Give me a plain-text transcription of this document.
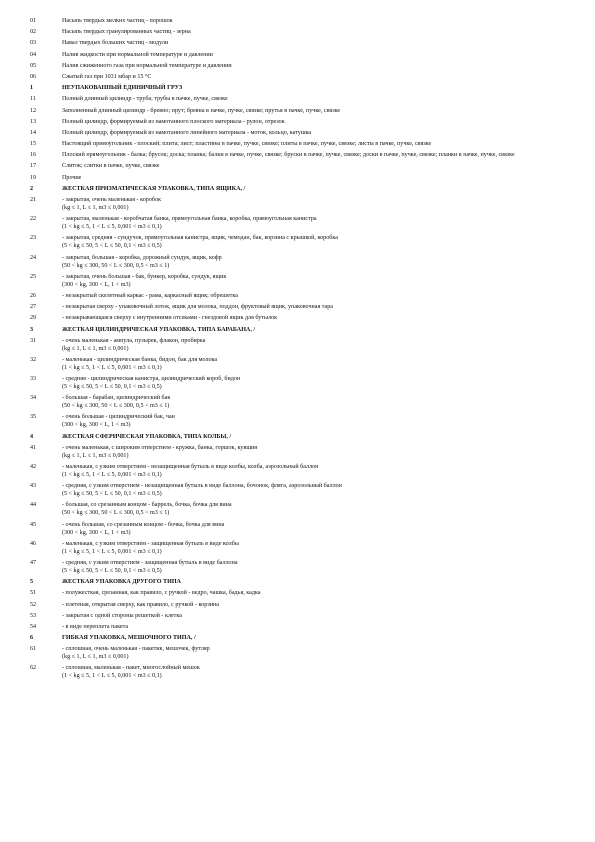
01	Насыпь твердых мелких частиц - порошок
02	Насыпь твердых гранулированных частиц - зерна
03	Навал твердых больших частиц - модули
04	Налив жидкости при нормальной температуре и давлении
05	Налив сжиженного газа при нормальной температуре и давлении
06	Сжатый газ при 1031 мбар и 15 °С
1	НЕУПАКОВАННЫЙ ЕДИНИЧНЫЙ ГРУЗ
11	Полный длинный цилиндр - труба; трубы в пачке, пучке, связке
12	Заполненный длинный цилиндр - бревно; прут; бревна в пачке, пучке, связке; прутья в пачке, пучке, связке
13	Полный цилиндр, формируемый из намотанного плоского материала - рулон, отрезок
14	Полный цилиндр, формируемый из намотанного линейного материала - моток, кольцо, катушка
15	Настоящий прямоугольник - плоский; плита; лист; пластины в пачке, пучке, связке; плиты в пачке, пучке, связке; листы в пачке, пучке, связке
16	Плоский прямоугольник - балка; брусок; доска; планка; балки в пачке, пучке, связке; бруски в пачке, пучке, связке; доски в пачке, пучке, связке; планки в пачке, пучке, связке
17	Слиток; слитки в пачке, пучке, связке
19	Прочие
2	ЖЕСТКАЯ ПРИЗМАТИЧЕСКАЯ УПАКОВКА, ТИПА ЯЩИКА, /
21	- закрытая, очень маленькая - коробок
(kg ≤ 1, L ≤ 1, m3 ≤ 0,001)
22	- закрытая, маленькая - коробчатая банка, прямоугольная банка, коробка, прямоугольная канистра
(1 < kg ≤ 5, 1 < L ≤ 5, 0,001 < m3 ≤ 0,1)
23	- закрытая, средняя - сундучок, прямоугольная канистра, ящик, чемодан, бак, корзина с крышкой, коробка
(5 < kg ≤ 50, 5 < L ≤ 50, 0,1 < m3 ≤ 0,5)
24	- закрытая, большая - коробка, дорожный сундук, ящик, кофр
(50 < kg ≤ 300, 50 < L ≤ 300, 0,5 < m3 ≤ 1)
25	- закрытая, очень большая - бак, бункер, коробка, сундук, ящик
(300 < kg, 300 < L, 1 < m3)
26	- незакрытый скелетный каркас - рама, каркасный ящик; обрешетка
27	- незакрытая сверху - упаковочный лоток, ящик для молока, поддон, фруктовый ящик, упаковочная тара
29	- незакрывающаяся сверху с внутренними отсеками - гнездовой ящик для бутылок
3	ЖЕСТКАЯ ЦИЛИНДРИЧЕСКАЯ УПАКОВКА, ТИПА БАРАБАНА, /
31	- очень маленькая - ампула, пузырек, флакон, пробирка
(kg ≤ 1, L ≤ 1, m3 ≤ 0,001)
32	- маленькая - цилиндрическая банка, бидон, бак для молока
(1 < kg ≤ 5, 1 < L ≤ 5, 0,001 < m3 ≤ 0,1)
33	- средняя - цилиндрическая канистра, цилиндрический короб, бидон
(5 < kg ≤ 50, 5 < L ≤ 50, 0,1 < m3 ≤ 0,5)
34	- большая - барабан, цилиндрический бак
(50 < kg ≤ 300, 50 < L ≤ 300, 0,5 < m3 ≤ 1)
35	- очень большая - цилиндрический бак, чан
(300 < kg, 300 < L, 1 < m3)
4	ЖЕСТКАЯ СФЕРИЧЕСКАЯ УПАКОВКА, ТИПА КОЛБЫ, /
41	- очень маленькая, с широким отверстием - кружка, банка, горшок, кувшин
(kg ≤ 1, L ≤ 1, m3 ≤ 0,001)
42	- маленькая, с узким отверстием - незащищенная бутыль в виде колбы, колба, аэрозольный баллон
(1 < kg ≤ 5, 1 < L ≤ 5, 0,001 < m3 ≤ 0,1)
43	- средняя, с узким отверстием - незащищенная бутыль в виде баллона, бочонок, фляга, аэрозольный баллон
(5 < kg ≤ 50, 5 < L ≤ 50, 0,1 < m3 ≤ 0,5)
44	- большая, со срезанным концом - баррель, бочка, бочка для вина
(50 < kg ≤ 300, 50 < L ≤ 300, 0,5 < m3 ≤ 1)
45	- очень большая, со срезанным концом - бочка, бочка для вина
(300 < kg, 300 < L, 1 < m3)
46	- маленькая, с узким отверстием - защищенная бутыль в виде колбы
(1 < kg ≤ 5, 1 < L ≤ 5, 0,001 < m3 ≤ 0,1)
47	- средняя, с узким отверстием - защищенная бутыль в виде баллона
(5 < kg ≤ 50, 5 < L ≤ 50, 0,1 < m3 ≤ 0,5)
5	ЖЕСТКАЯ УПАКОВКА ДРУГОГО ТИПА
51	- полужесткая, срезанная, как правило, с ручкой - ведро, чашка, бадья, кадка
52	- плетеная, открытая сверху, как правило, с ручкой - корзина
53	- закрытая с одной стороны решеткой - клетка
54	- в виде переплета пакета
6	ГИБКАЯ УПАКОВКА, МЕШОЧНОГО ТИПА, /
61	- сплошная, очень маленькая - пакетик, мешочек, футляр
(kg ≤ 1, L ≤ 1, m3 ≤ 0,001)
62	- сплошная, маленькая - пакет, многослойный мешок
(1 < kg ≤ 5, 1 < L ≤ 5, 0,001 < m3 ≤ 0,1)
